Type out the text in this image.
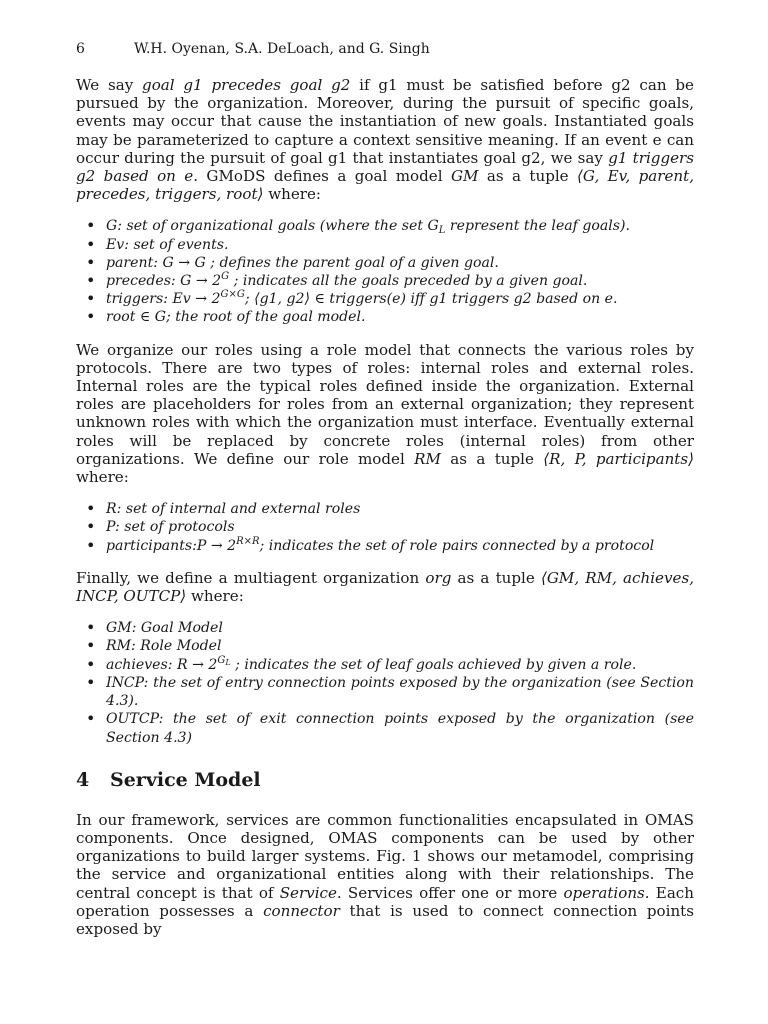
6	W.H. Oyenan, S.A. DeLoach, and G. Singh

We say goal g1 precedes goal g2 if g1 must be satisfied before g2 can be pursued by the organization. Moreover, during the pursuit of specific goals, events may occur that cause the instantiation of new goals. Instantiated goals may be parameterized to capture a context sensitive meaning. If an event e can occur during the pursuit of goal g1 that instantiates goal g2, we say g1 triggers g2 based on e. GMoDS defines a goal model GM as a tuple ⟨G, Ev, parent, precedes, triggers, root⟩ where:

• G: set of organizational goals (where the set $G_L$ represent the leaf goals).
• Ev: set of events.
• parent: G → G ; defines the parent goal of a given goal.
• precedes: $G \to 2^G$ ; indicates all the goals preceded by a given goal.
• triggers: $Ev \to 2^{G\times G}$; ⟨g1, g2⟩ ∈ triggers(e) iff g1 triggers g2 based on e.
• root ∈ G; the root of the goal model.

We organize our roles using a role model that connects the various roles by protocols. There are two types of roles: internal roles and external roles. Internal roles are the typical roles defined inside the organization. External roles are placeholders for roles from an external organization; they represent unknown roles with which the organization must interface. Eventually external roles will be replaced by concrete roles (internal roles) from other organizations. We define our role model RM as a tuple ⟨R, P, participants⟩ where:

• R: set of internal and external roles
• P: set of protocols
• participants:P → $2^{R\times R}$; indicates the set of role pairs connected by a protocol

Finally, we define a multiagent organization org as a tuple ⟨GM, RM, achieves, INCP, OUTCP⟩ where:

• GM: Goal Model
• RM: Role Model
• achieves: $R \to 2^{G_L}$ ; indicates the set of leaf goals achieved by given a role.
• INCP: the set of entry connection points exposed by the organization (see Section 4.3).
• OUTCP: the set of exit connection points exposed by the organization (see Section 4.3)
4 Service Model

In our framework, services are common functionalities encapsulated in OMAS components. Once designed, OMAS components can be used by other organizations to build larger systems. Fig. 1 shows our metamodel, comprising the service and organizational entities along with their relationships. The central concept is that of Service. Services offer one or more operations. Each operation possesses a connector that is used to connect connection points exposed by
